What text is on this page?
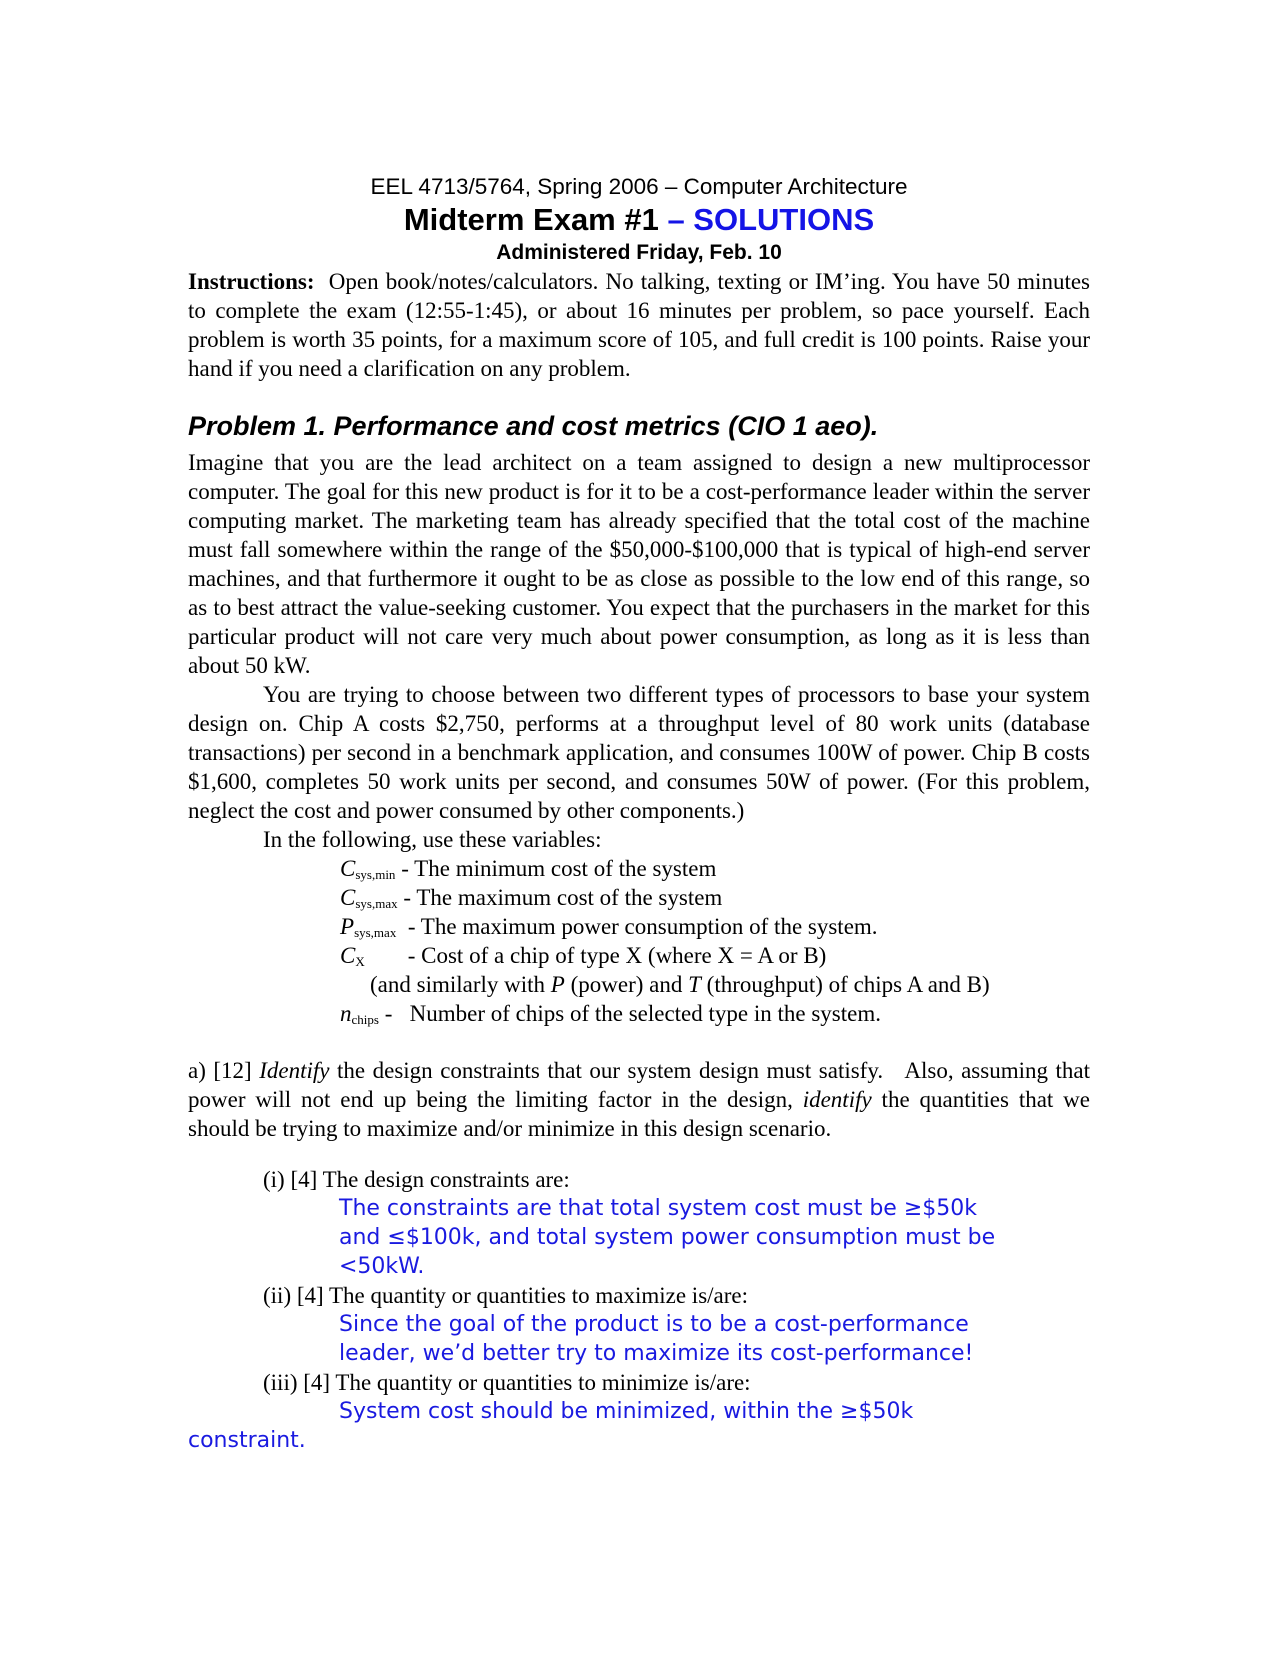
EEL 4713/5764, Spring 2006 – Computer Architecture
Midterm Exam #1 – SOLUTIONS
Administered Friday, Feb. 10

Instructions: Open book/notes/calculators. No talking, texting or IM’ing. You have 50 minutes to complete the exam (12:55-1:45), or about 16 minutes per problem, so pace yourself. Each problem is worth 35 points, for a maximum score of 105, and full credit is 100 points. Raise your hand if you need a clarification on any problem.

Problem 1. Performance and cost metrics (CIO 1 aeo).

Imagine that you are the lead architect on a team assigned to design a new multiprocessor computer. The goal for this new product is for it to be a cost-performance leader within the server computing market. The marketing team has already specified that the total cost of the machine must fall somewhere within the range of the $50,000-$100,000 that is typical of high-end server machines, and that furthermore it ought to be as close as possible to the low end of this range, so as to best attract the value-seeking customer. You expect that the purchasers in the market for this particular product will not care very much about power consumption, as long as it is less than about 50 kW.

You are trying to choose between two different types of processors to base your system design on. Chip A costs $2,750, performs at a throughput level of 80 work units (database transactions) per second in a benchmark application, and consumes 100W of power. Chip B costs $1,600, completes 50 work units per second, and consumes 50W of power. (For this problem, neglect the cost and power consumed by other components.)

In the following, use these variables:

$C_{sys,min}$ - The minimum cost of the system
$C_{sys,max}$ - The maximum cost of the system
$P_{sys,max}$  - The maximum power consumption of the system.
$C_X$ - Cost of a chip of type X (where X = A or B)
(and similarly with P (power) and T (throughput) of chips A and B)
$n_{chips}$ -   Number of chips of the selected type in the system.

a) [12] Identify the design constraints that our system design must satisfy.   Also, assuming that power will not end up being the limiting factor in the design, identify the quantities that we should be trying to maximize and/or minimize in this design scenario.

(i) [4] The design constraints are:
The constraints are that total system cost must be ≥$50k
and ≤$100k, and total system power consumption must be
<50kW.
(ii) [4] The quantity or quantities to maximize is/are:
Since the goal of the product is to be a cost-performance
leader, we’d better try to maximize its cost-performance!
(iii) [4] The quantity or quantities to minimize is/are:
System cost should be minimized, within the ≥$50k
constraint.
